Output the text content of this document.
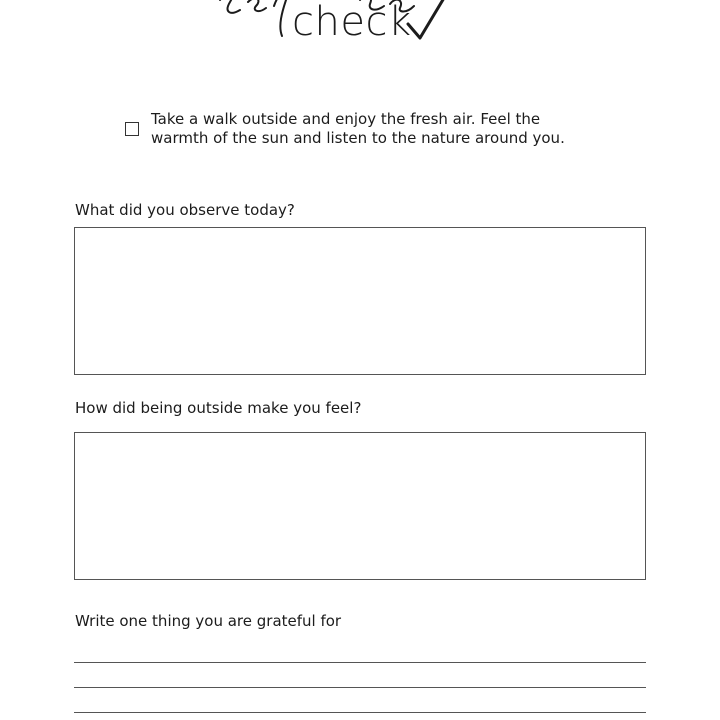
check
Take a walk outside and enjoy the fresh air. Feel the warmth of the sun and listen to the nature around you.
What did you observe today?
How did being outside make you feel?
Write one thing you are grateful for
